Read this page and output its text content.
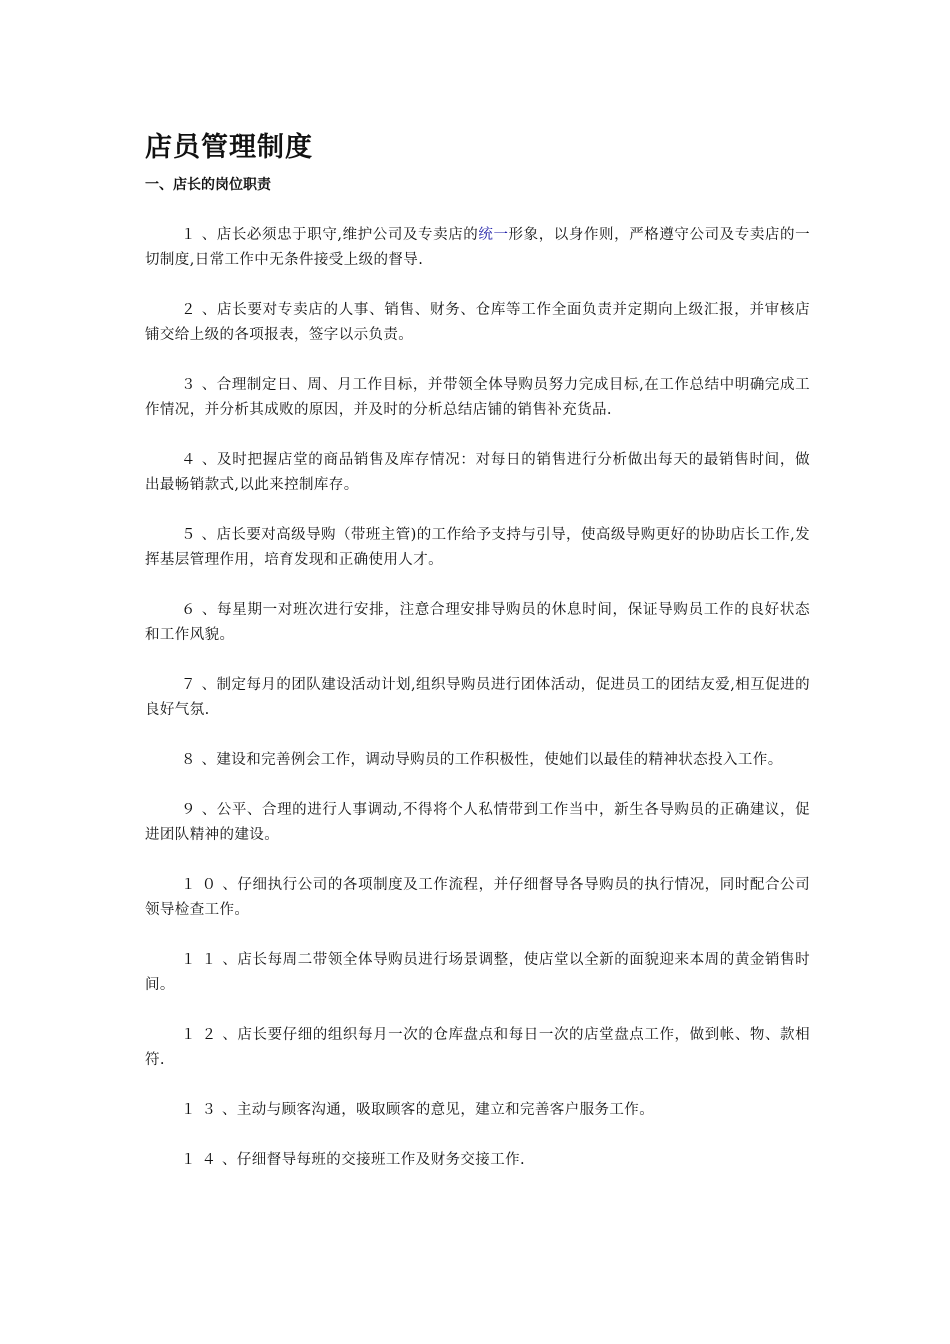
店员管理制度
一、店长的岗位职责
１、店长必须忠于职守,维护公司及专卖店的统一形象，以身作则，严格遵守公司及专卖店的一切制度,日常工作中无条件接受上级的督导.
２、店长要对专卖店的人事、销售、财务、仓库等工作全面负责并定期向上级汇报，并审核店铺交给上级的各项报表，签字以示负责。
３、合理制定日、周、月工作目标，并带领全体导购员努力完成目标,在工作总结中明确完成工作情况，并分析其成败的原因，并及时的分析总结店铺的销售补充货品.
４、及时把握店堂的商品销售及库存情况：对每日的销售进行分析做出每天的最销售时间，做出最畅销款式,以此来控制库存。
５、店长要对高级导购（带班主管)的工作给予支持与引导，使高级导购更好的协助店长工作,发挥基层管理作用，培育发现和正确使用人才。
６、每星期一对班次进行安排，注意合理安排导购员的休息时间，保证导购员工作的良好状态和工作风貌。
７、制定每月的团队建设活动计划,组织导购员进行团体活动，促进员工的团结友爱,相互促进的良好气氛.
８、建设和完善例会工作，调动导购员的工作积极性，使她们以最佳的精神状态投入工作。
９、公平、合理的进行人事调动,不得将个人私情带到工作当中，新生各导购员的正确建议，促进团队精神的建设。
１０、仔细执行公司的各项制度及工作流程，并仔细督导各导购员的执行情况，同时配合公司领导检查工作。
１１、店长每周二带领全体导购员进行场景调整，使店堂以全新的面貌迎来本周的黄金销售时间。
１２、店长要仔细的组织每月一次的仓库盘点和每日一次的店堂盘点工作，做到帐、物、款相符.
１３、主动与顾客沟通，吸取顾客的意见，建立和完善客户服务工作。
１４、仔细督导每班的交接班工作及财务交接工作.
